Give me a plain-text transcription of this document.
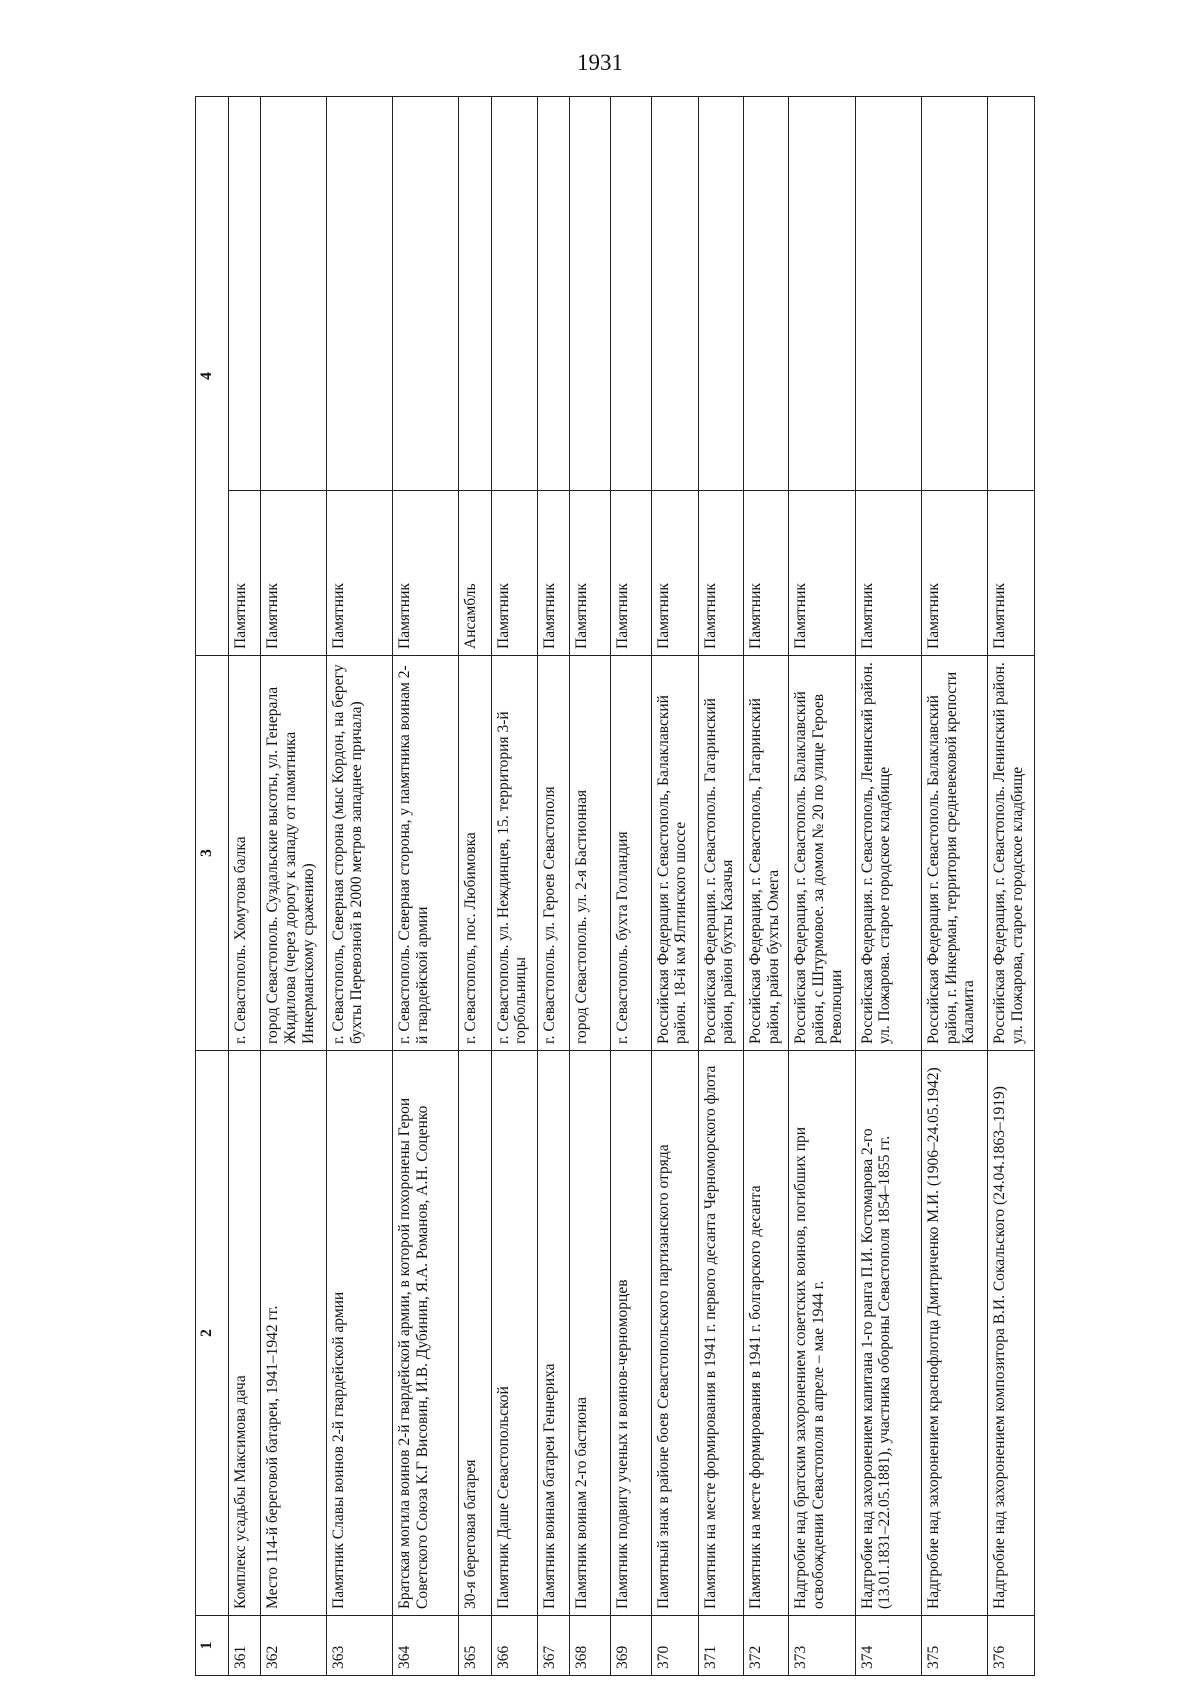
1931
1	2	3	4	
361	Комплекс усадьбы Максимова дача	г. Севастополь. Хомутова балка	Памятник	
362	Место 114-й береговой батареи, 1941–1942 гг.	город Севастополь. Суздальские высоты, ул. Генерала Жидилова (через дорогу к западу от памятника Инкерманскому сражению)	Памятник	
363	Памятник Славы воинов 2-й гвардейской армии	г. Севастополь, Северная сторона (мыс Кордон, на берегу бухты Перевозной в 2000 метров западнее причала)	Памятник	
364	Братская могила воинов 2-й гвардейской армии, в которой похоронены Герои Советского Союза К.Г Висовин, И.В. Дубинин, Я.А. Романов, А.Н. Соценко	г. Севастополь. Северная сторона, у памятника воинам 2-й гвардейской армии	Памятник	
365	30-я береговая батарея	г. Севастополь, пос. Любимовка	Ансамбль	
366	Памятник Даше Севастопольской	г. Севастополь. ул. Неждинцев, 15. территория 3-й горбольницы	Памятник	
367	Памятник воинам батареи Геннериха	г. Севастополь. ул. Героев Севастополя	Памятник	
368	Памятник воинам 2-го бастиона	город Севастополь. ул. 2-я Бастионная	Памятник	
369	Памятник подвигу ученых и воинов-черноморцев	г. Севастополь. бухта Голландия	Памятник	
370	Памятный знак в районе боев Севастопольского партизанского отряда	Российская Федерация г. Севастополь, Балаклавский район. 18-й км Ялтинского шоссе	Памятник	
371	Памятник на месте формирования в 1941 г. первого десанта Черноморского флота	Российская Федерация. г. Севастополь. Гагаринский район, район бухты Казачья	Памятник	
372	Памятник на месте формирования в 1941 г. болгарского десанта	Российская Федерация, г. Севастополь, Гагаринский район, район бухты Омега	Памятник	
373	Надгробие над братским захоронением советских воинов, погибших при освобождении Севастополя в апреле – мае 1944 г.	Российская Федерация, г. Севастополь. Балаклавский район, с Штурмовое. за домом № 20 по улице Героев Революции	Памятник	
374	Надгробие над захоронением капитана 1-го ранга П.И. Костомарова 2-го (13.01.1831–22.05.1881), участника обороны Севастополя 1854–1855 гг.	Российская Федерация. г. Севастополь, Ленинский район. ул. Пожарова. старое городское кладбище	Памятник	
375	Надгробие над захоронением краснофлотца Дмитриченко М.И. (1906–24.05.1942)	Российская Федерация г. Севастополь. Балаклавский район, г. Инкерман, территория средневековой крепости Каламита	Памятник	
376	Надгробие над захоронением композитора В.И. Сокальского (24.04.1863–1919)	Российская Федерация, г. Севастополь. Ленинский район. ул. Пожарова, старое городское кладбище	Памятник	
